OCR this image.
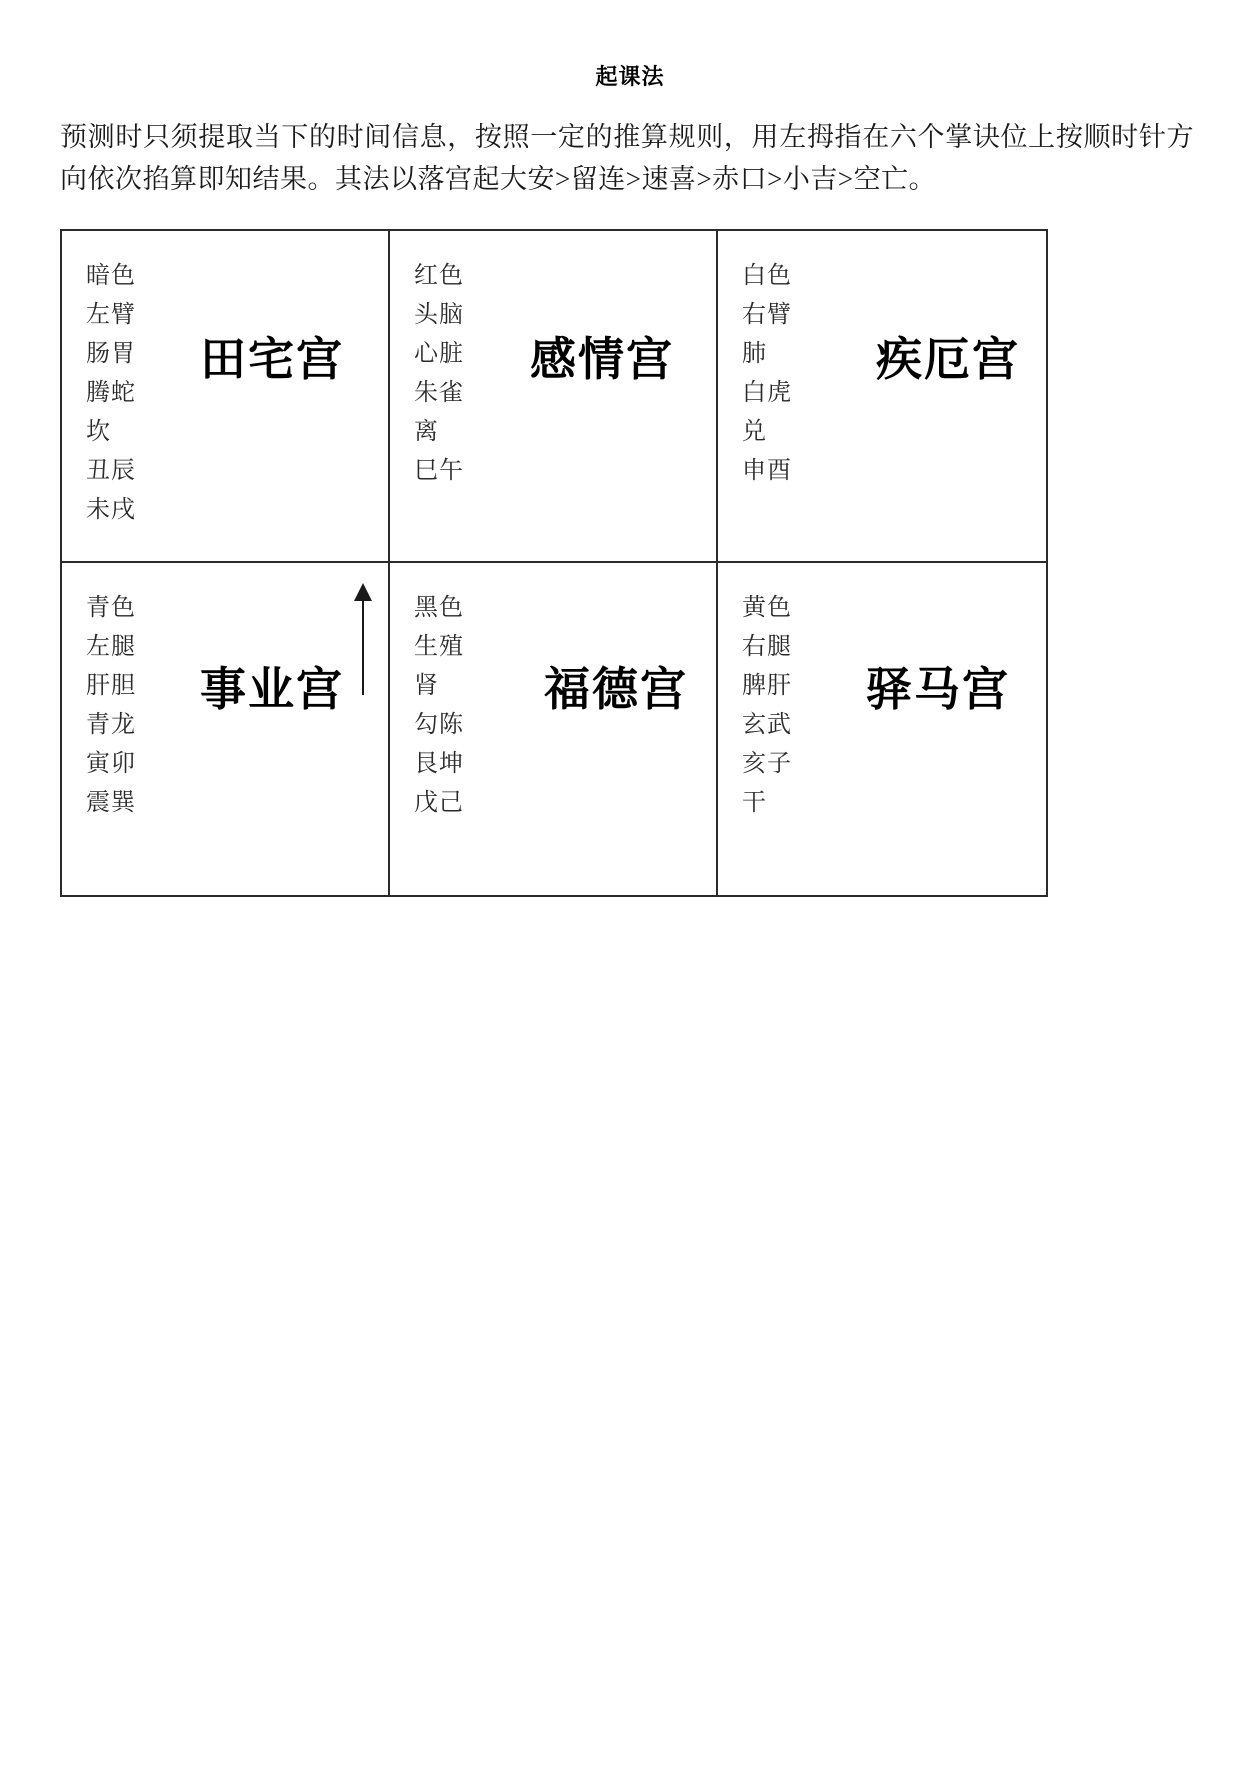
起课法

预测时只须提取当下的时间信息，按照一定的推算规则，用左拇指在六个掌诀位上按顺时针方向依次掐算即知结果。其法以落宫起大安>留连>速喜>赤口>小吉>空亡。

暗色
左臂
肠胃
腾蛇
坎
丑辰
未戌
田宅宫
红色
头脑
心脏
朱雀
离
巳午
感情宫
白色
右臂
肺
白虎
兑
申酉
疾厄宫
青色
左腿
肝胆
青龙
寅卯
震巽
事业宫
黑色
生殖
肾
勾陈
艮坤
戊己
福德宫
黄色
右腿
脾肝
玄武
亥子
干
驿马宫
